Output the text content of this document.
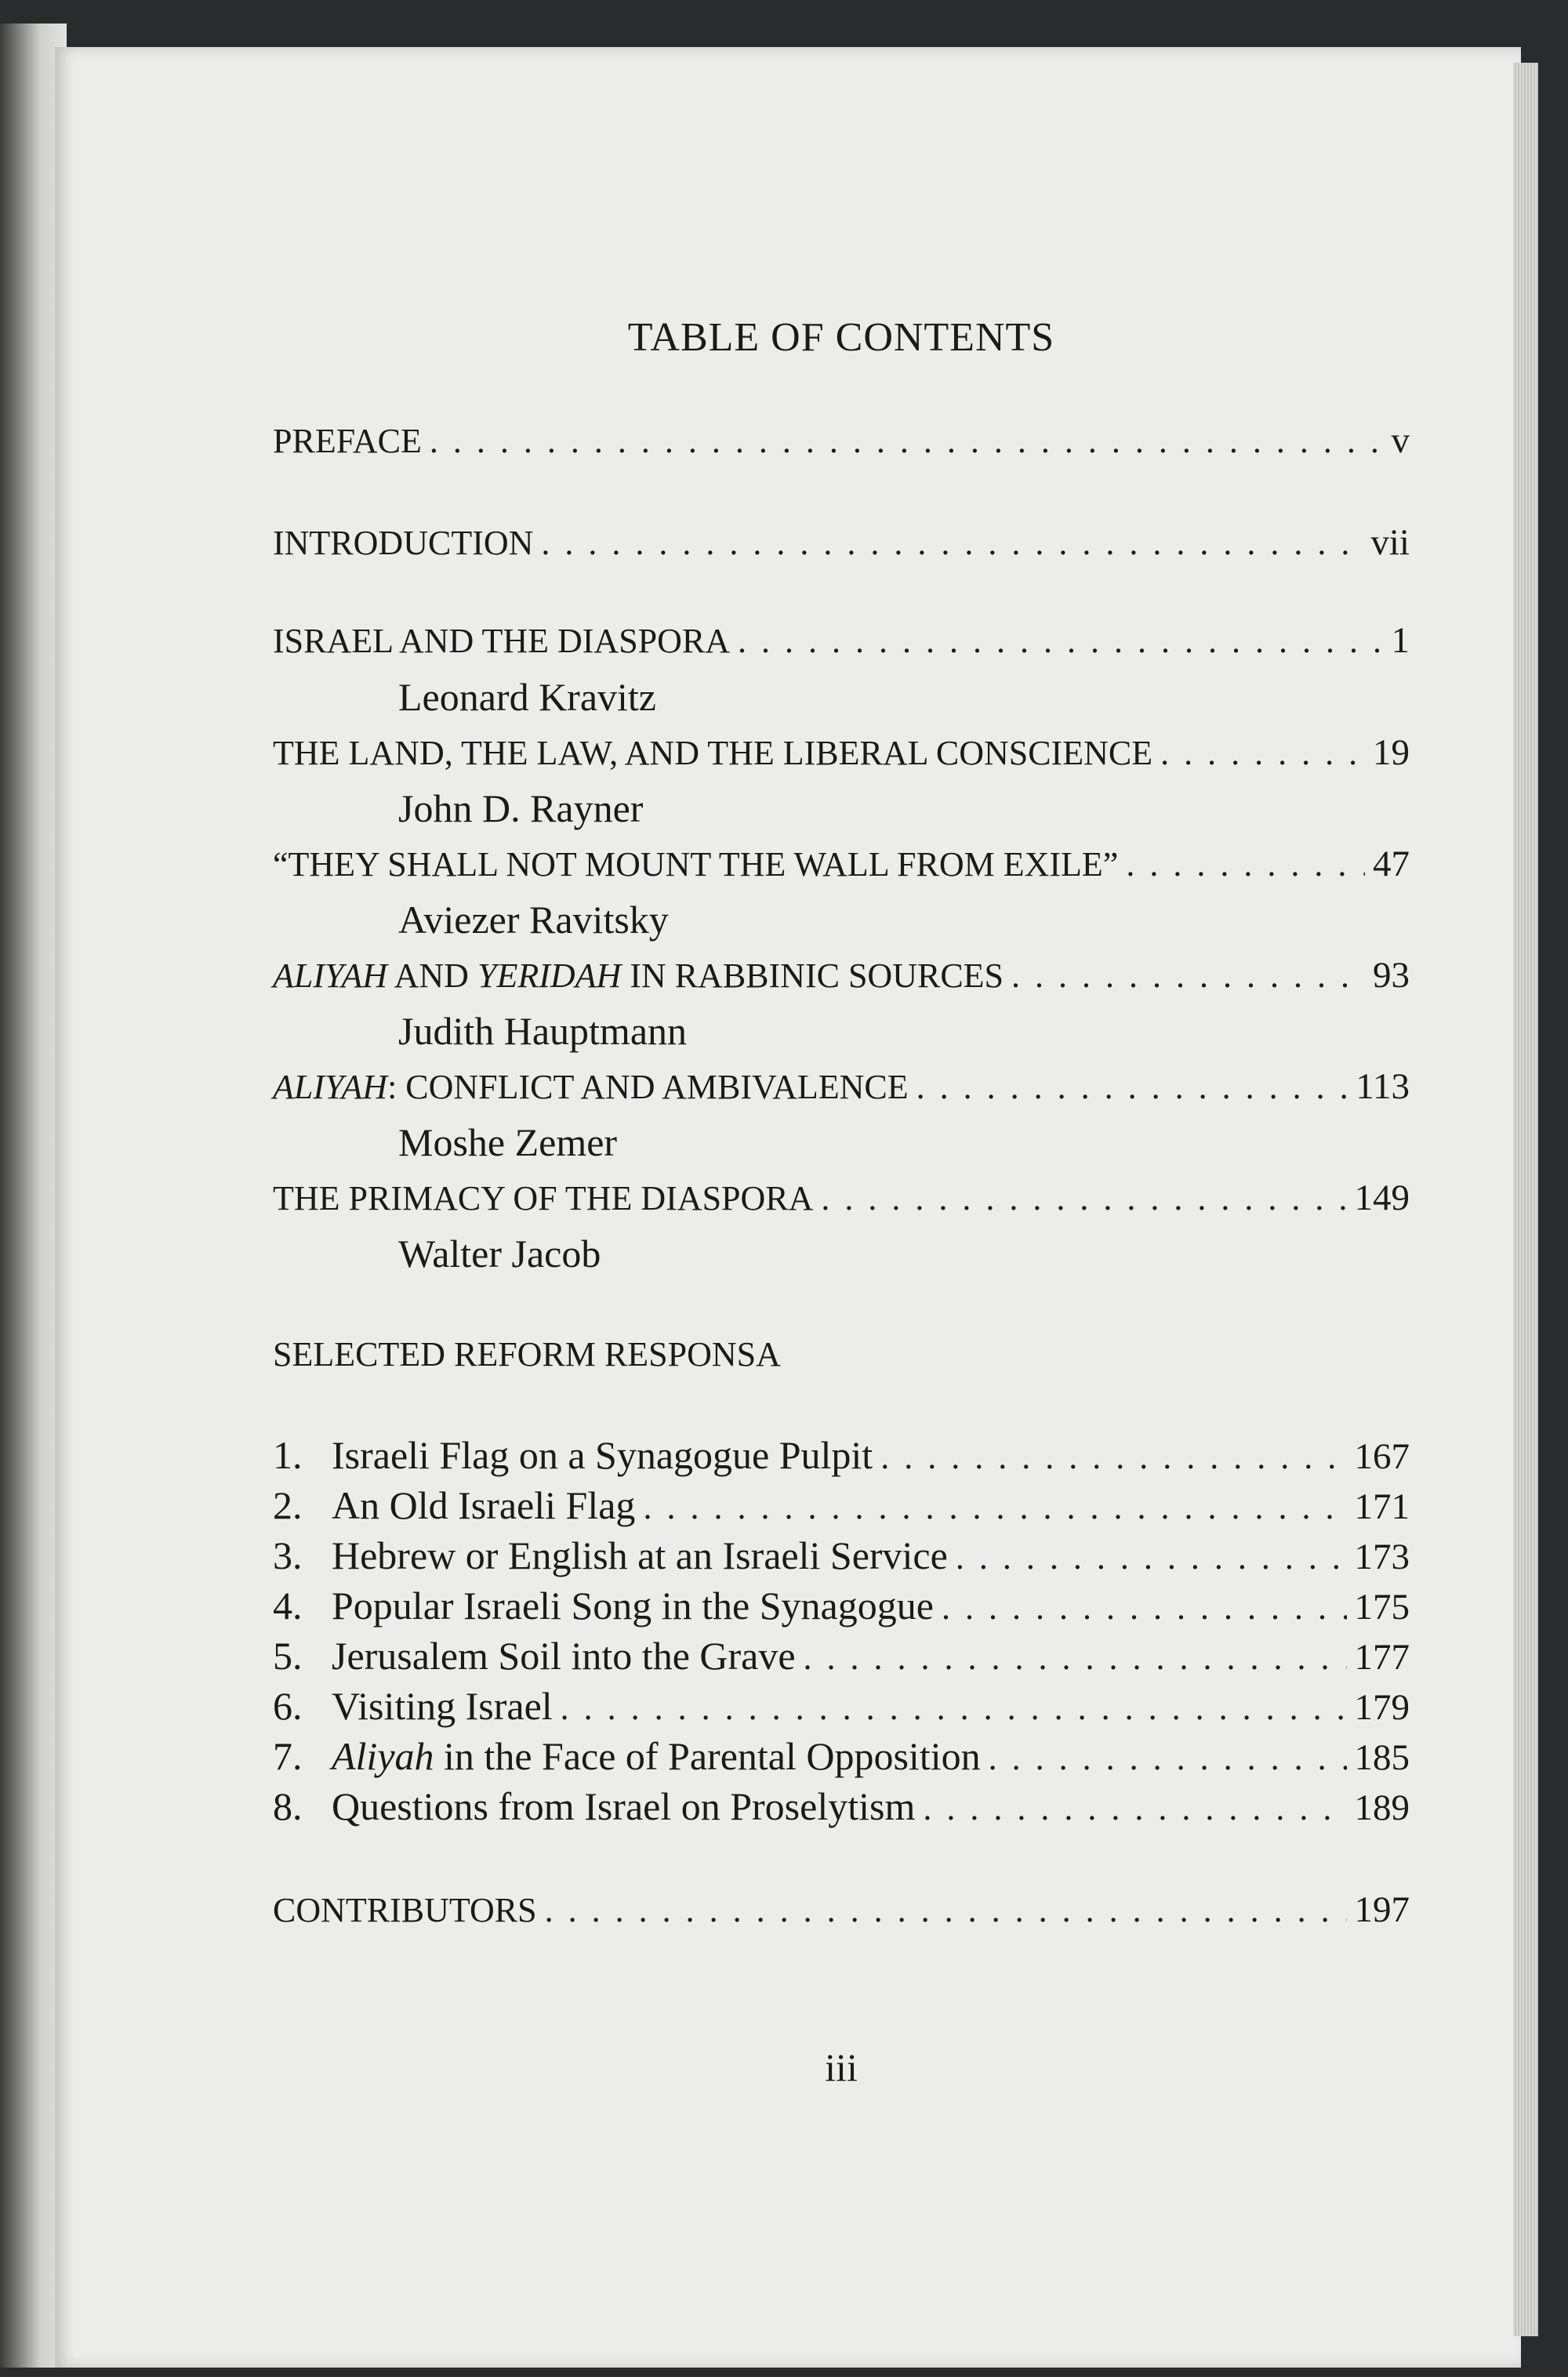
TABLE OF CONTENTS
PREFACE . . .	v
INTRODUCTION . . .	vii
ISRAEL AND THE DIASPORA . . .	1
Leonard Kravitz
THE LAND, THE LAW, AND THE LIBERAL CONSCIENCE . . .	19
John D. Rayner
“THEY SHALL NOT MOUNT THE WALL FROM EXILE” . . .	47
Aviezer Ravitsky
ALIYAH AND YERIDAH IN RABBINIC SOURCES . . .	93
Judith Hauptmann
ALIYAH: CONFLICT AND AMBIVALENCE . . .	113
Moshe Zemer
THE PRIMACY OF THE DIASPORA . . .	149
Walter Jacob
SELECTED REFORM RESPONSA
1. Israeli Flag on a Synagogue Pulpit . . .	167
2. An Old Israeli Flag . . .	171
3. Hebrew or English at an Israeli Service . . .	173
4. Popular Israeli Song in the Synagogue . . .	175
5. Jerusalem Soil into the Grave . . .	177
6. Visiting Israel . . .	179
7. Aliyah in the Face of Parental Opposition . . .	185
8. Questions from Israel on Proselytism . . .	189
CONTRIBUTORS . . .	197
iii
